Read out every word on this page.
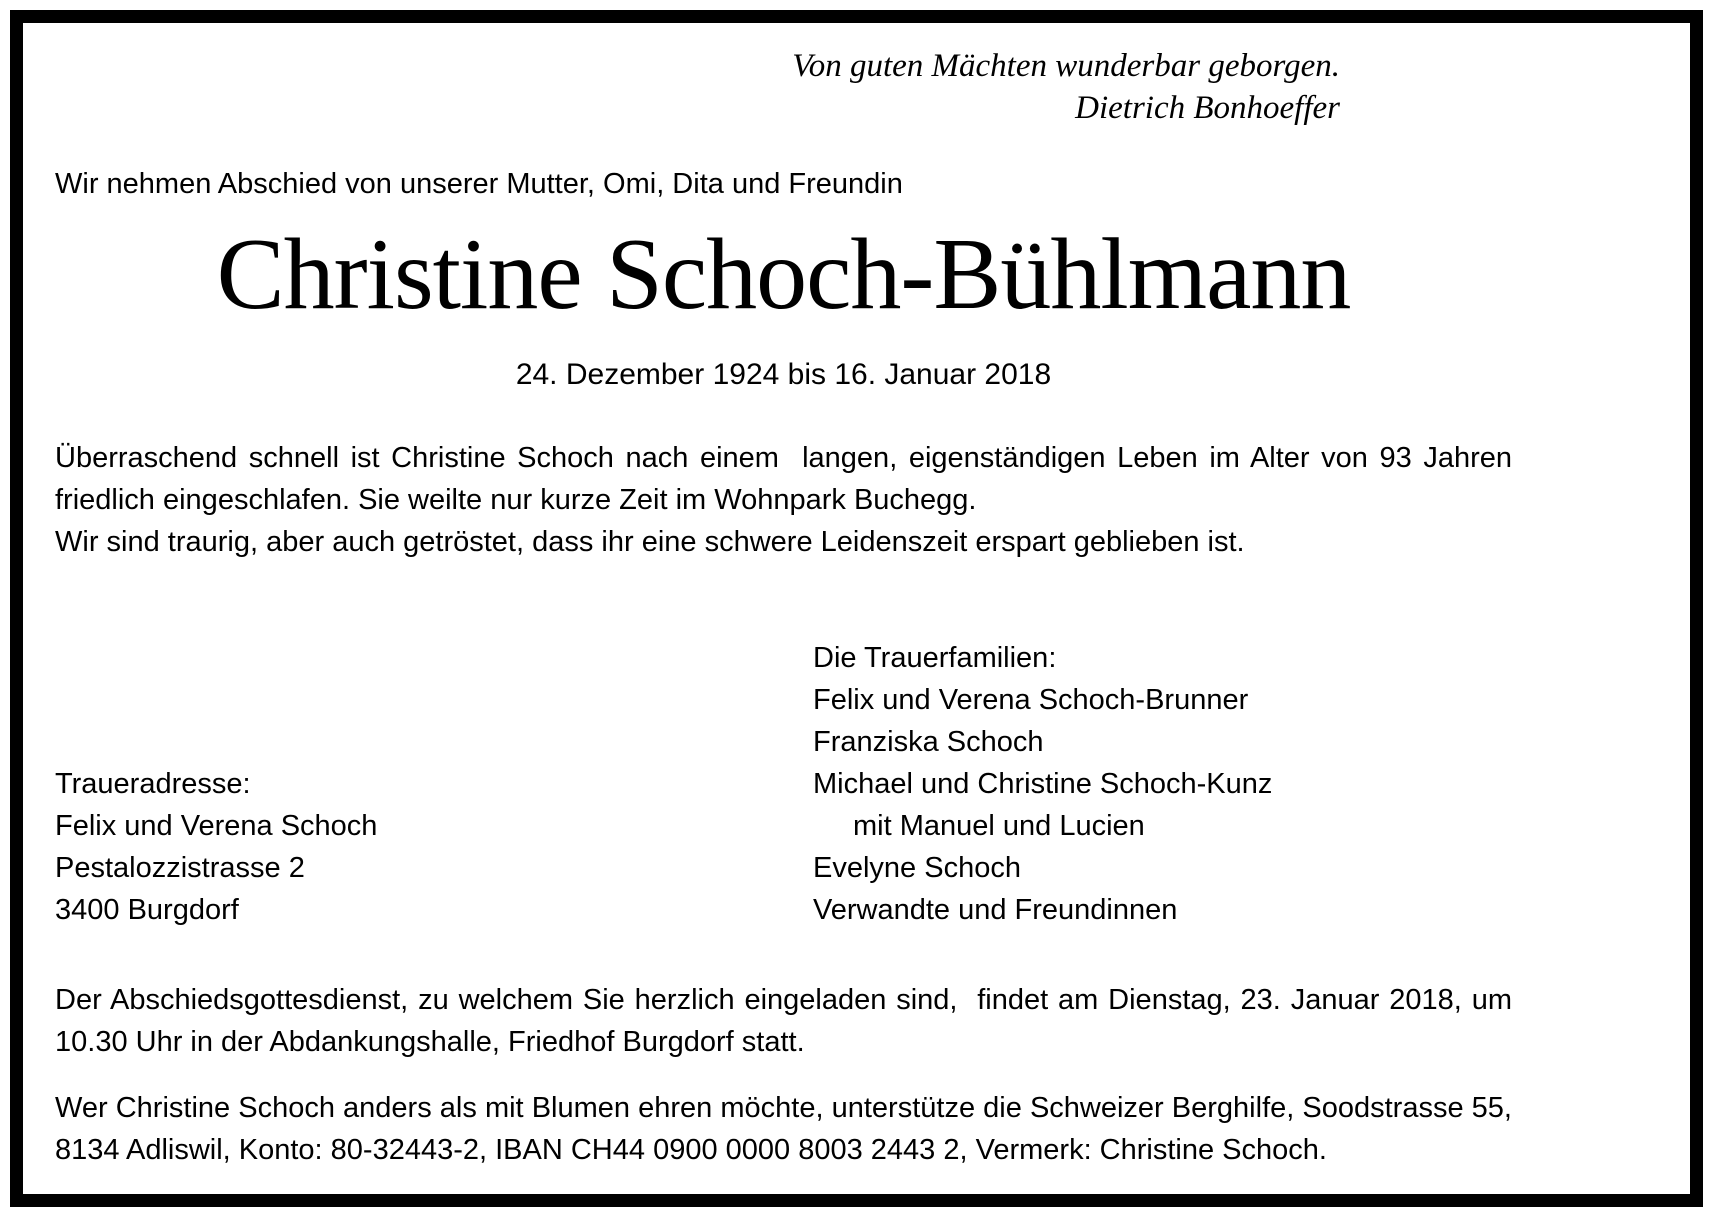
Von guten Mächten wunderbar geborgen.
Dietrich Bonhoeffer
Wir nehmen Abschied von unserer Mutter, Omi, Dita und Freundin
Christine Schoch-Bühlmann
24. Dezember 1924 bis 16. Januar 2018

Überraschend schnell ist Christine Schoch nach einem  langen, eigenständigen Leben im Alter von 93 Jahren friedlich eingeschlafen. Sie weilte nur kurze Zeit im Wohnpark Buchegg.

Wir sind traurig, aber auch getröstet, dass ihr eine schwere Leidenszeit erspart geblieben ist.

Traueradresse:
Felix und Verena Schoch
Pestalozzistrasse 2
3400 Burgdorf
Die Trauerfamilien:
Felix und Verena Schoch-Brunner
Franziska Schoch
Michael und Christine Schoch-Kunz
mit Manuel und Lucien
Evelyne Schoch
Verwandte und Freundinnen

Der Abschiedsgottesdienst, zu welchem Sie herzlich eingeladen sind,  findet am Dienstag, 23. Januar 2018, um 10.30 Uhr in der Abdankungshalle, Friedhof Burgdorf statt.

Wer Christine Schoch anders als mit Blumen ehren möchte, unterstütze die Schweizer Berghilfe, Soodstrasse 55, 8134 Adliswil, Konto: 80-32443-2, IBAN CH44 0900 0000 8003 2443 2, Vermerk: Christine Schoch.
